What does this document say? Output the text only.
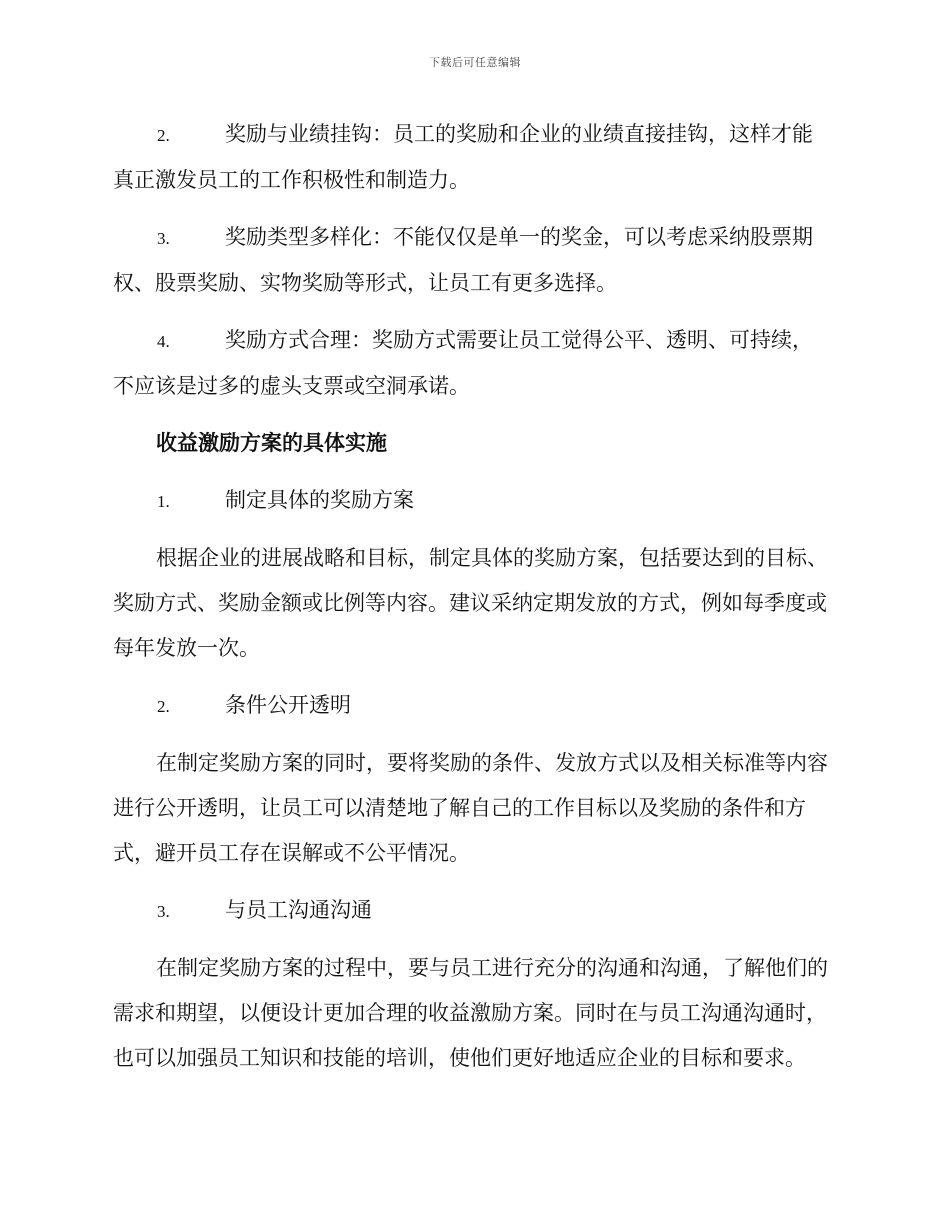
下载后可任意编辑

2.	奖励与业绩挂钩：员工的奖励和企业的业绩直接挂钩，这样才能真正激发员工的工作积极性和制造力。

3.	奖励类型多样化：不能仅仅是单一的奖金，可以考虑采纳股票期权、股票奖励、实物奖励等形式，让员工有更多选择。

4.	奖励方式合理：奖励方式需要让员工觉得公平、透明、可持续，不应该是过多的虚头支票或空洞承诺。

收益激励方案的具体实施

1.	制定具体的奖励方案

根据企业的进展战略和目标，制定具体的奖励方案，包括要达到的目标、奖励方式、奖励金额或比例等内容。建议采纳定期发放的方式，例如每季度或每年发放一次。

2.	条件公开透明

在制定奖励方案的同时，要将奖励的条件、发放方式以及相关标准等内容进行公开透明，让员工可以清楚地了解自己的工作目标以及奖励的条件和方式，避开员工存在误解或不公平情况。

3.	与员工沟通沟通

在制定奖励方案的过程中，要与员工进行充分的沟通和沟通，了解他们的需求和期望，以便设计更加合理的收益激励方案。同时在与员工沟通沟通时，也可以加强员工知识和技能的培训，使他们更好地适应企业的目标和要求。
